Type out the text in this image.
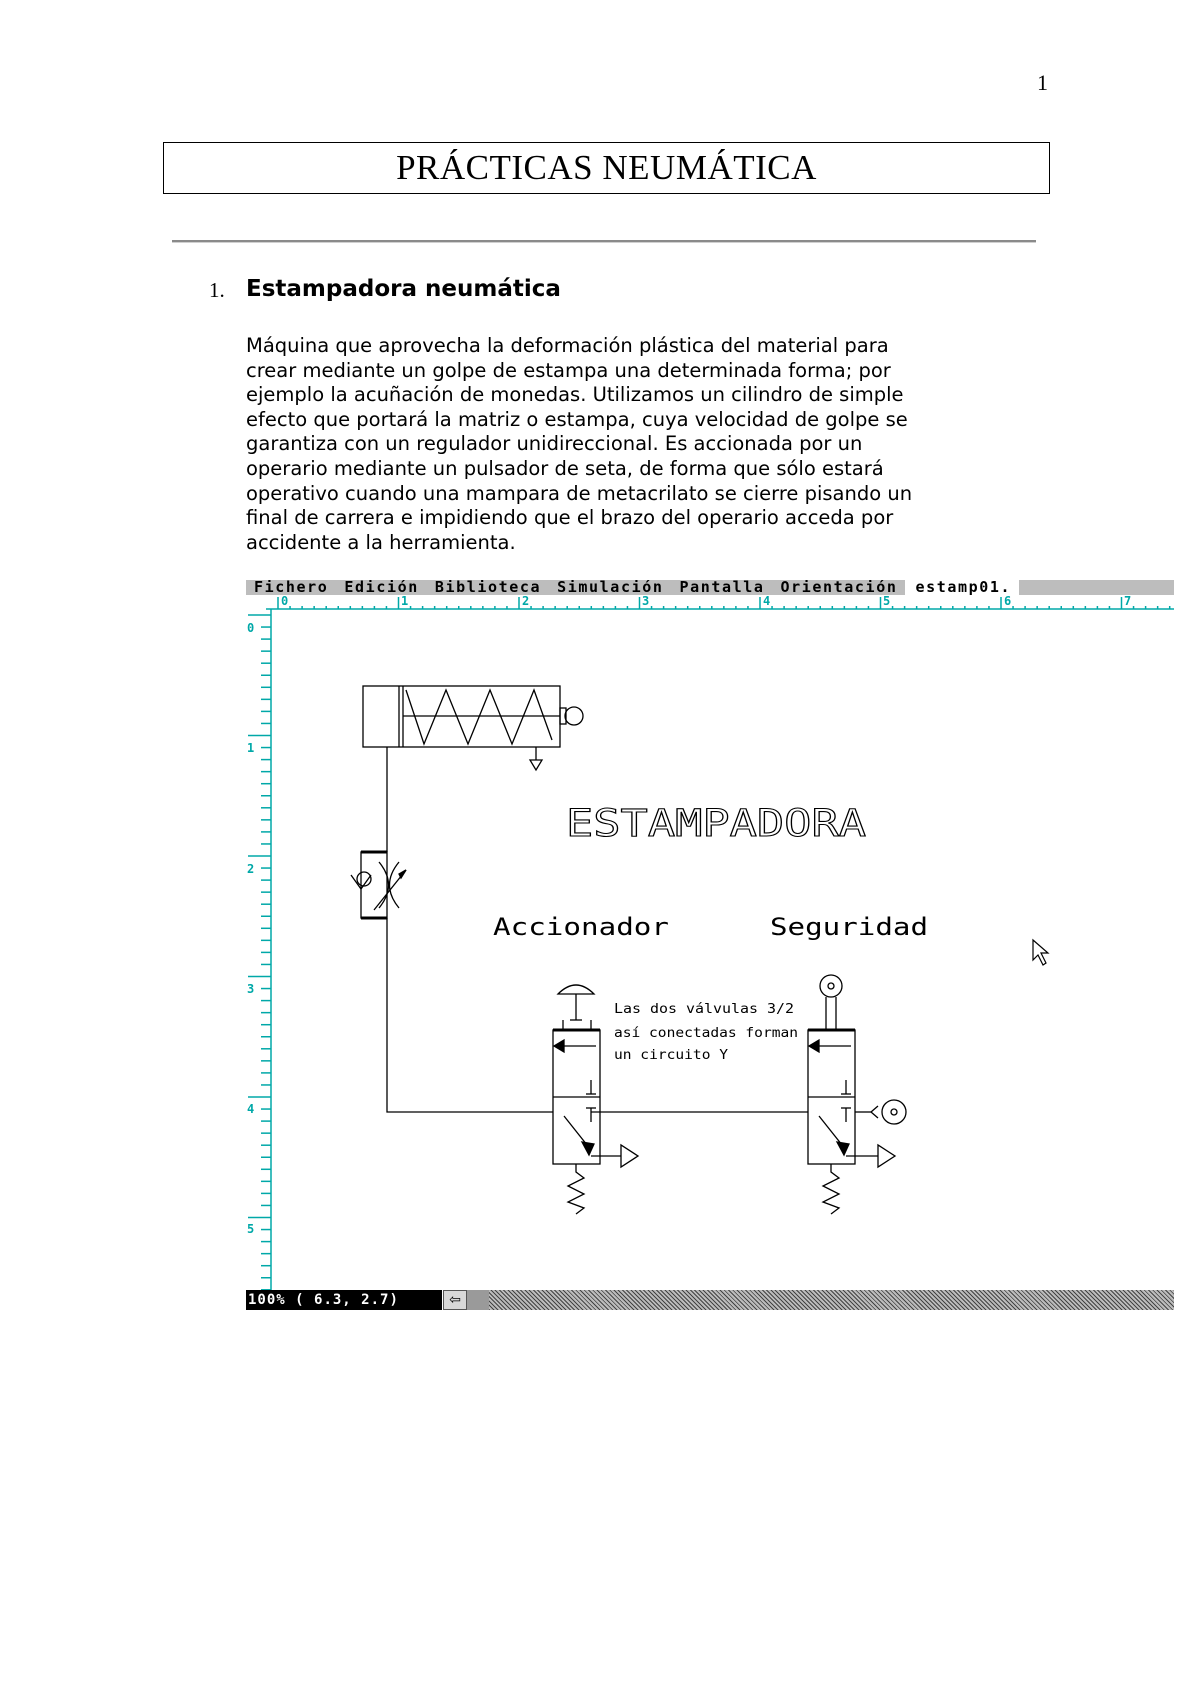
1
PRÁCTICAS NEUMÁTICA
1. Estampadora neumática
Máquina que aprovecha la deformación plástica del material para
crear mediante un golpe de estampa una determinada forma; por
ejemplo la acuñación de monedas. Utilizamos un cilindro de simple
efecto que portará la matriz o estampa, cuya velocidad de golpe se
garantiza con un regulador unidireccional. Es accionada por un
operario mediante un pulsador de seta, de forma que sólo estará
operativo cuando una mampara de metacrilato se cierre pisando un
final de carrera e impidiendo que el brazo del operario acceda por
accidente a la herramienta.
Fichero Edición Biblioteca Simulación Pantalla Orientación estamp01.
0	1	2	3	4	5	6	7
0
1
2
3
4
5
ESTAMPADORA
Accionador	Seguridad
Las dos válvulas 3/2
así conectadas forman
un circuito Y
100% ( 6.3, 2.7)	⇦
